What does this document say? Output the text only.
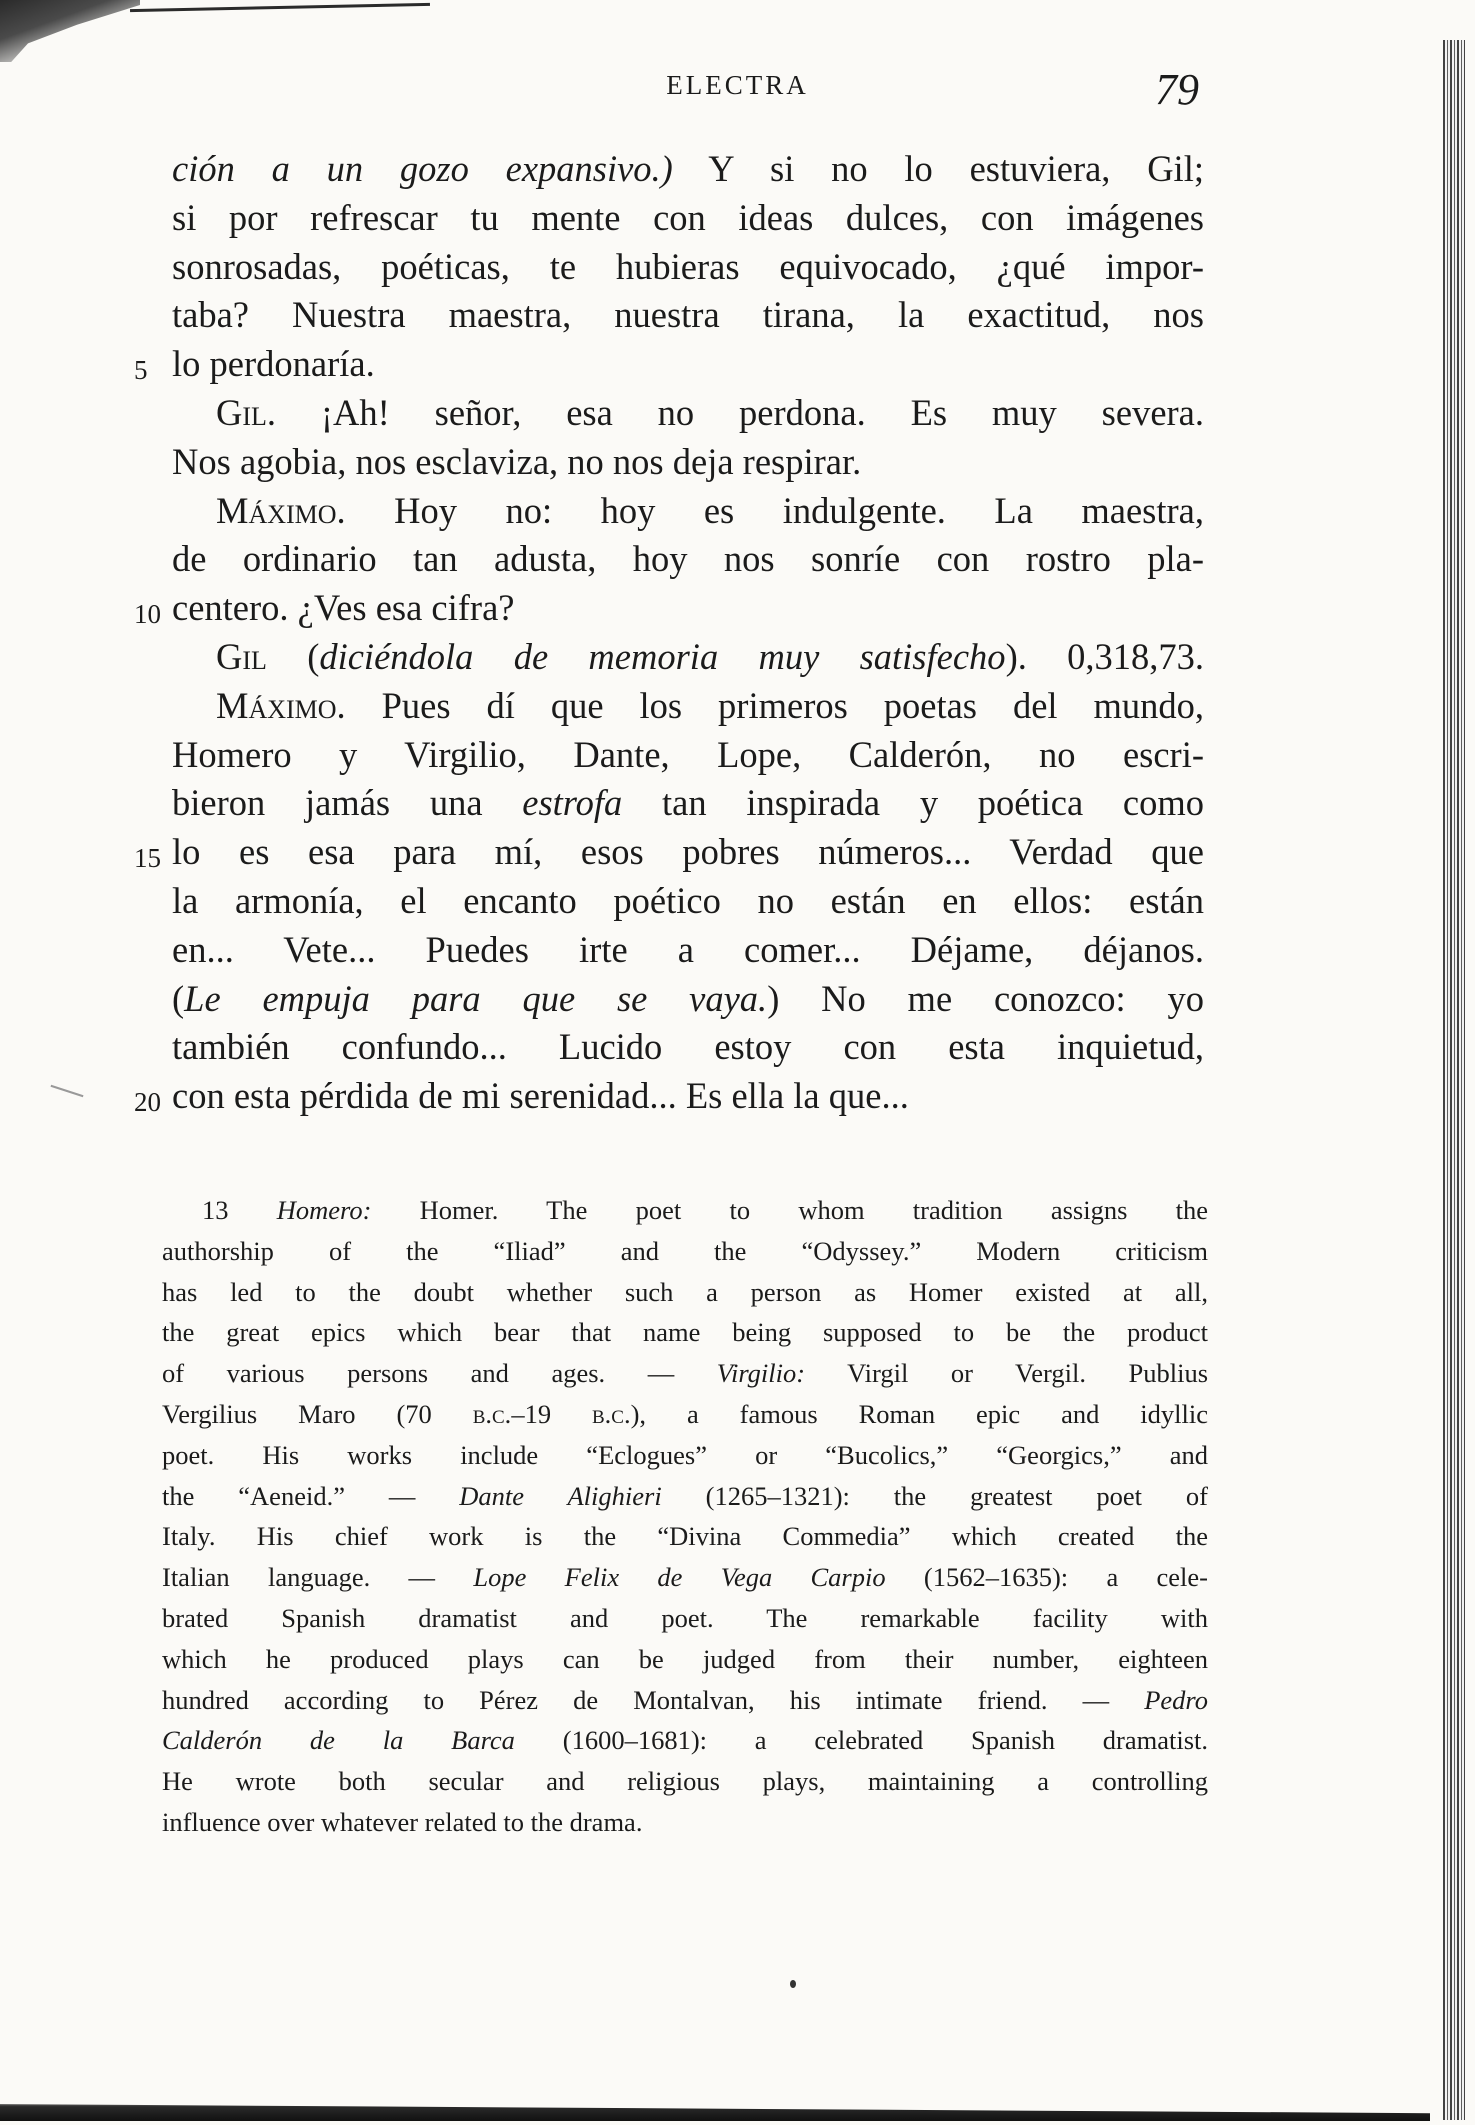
ELECTRA	79
ción a un gozo expansivo.) Y si no lo estuviera, Gil;
si por refrescar tu mente con ideas dulces, con imágenes
sonrosadas, poéticas, te hubieras equivocado, ¿qué impor-
taba? Nuestra maestra, nuestra tirana, la exactitud, nos
5 lo perdonaría.
Gil. ¡Ah! señor, esa no perdona. Es muy severa.
Nos agobia, nos esclaviza, no nos deja respirar.
Máximo. Hoy no: hoy es indulgente. La maestra,
de ordinario tan adusta, hoy nos sonríe con rostro pla-
10 centero. ¿Ves esa cifra?
Gil (diciéndola de memoria muy satisfecho). 0,318,73.
Máximo. Pues dí que los primeros poetas del mundo,
Homero y Virgilio, Dante, Lope, Calderón, no escri-
bieron jamás una estrofa tan inspirada y poética como
15 lo es esa para mí, esos pobres números... Verdad que
la armonía, el encanto poético no están en ellos: están
en... Vete... Puedes irte a comer... Déjame, déjanos.
(Le empuja para que se vaya.) No me conozco: yo
también confundo... Lucido estoy con esta inquietud,
20 con esta pérdida de mi serenidad... Es ella la que...
13 Homero: Homer. The poet to whom tradition assigns the
authorship of the “Iliad” and the “Odyssey.” Modern criticism
has led to the doubt whether such a person as Homer existed at all,
the great epics which bear that name being supposed to be the product
of various persons and ages. — Virgilio: Virgil or Vergil. Publius
Vergilius Maro (70 b.c.–19 b.c.), a famous Roman epic and idyllic
poet. His works include “Eclogues” or “Bucolics,” “Georgics,” and
the “Aeneid.” — Dante Alighieri (1265–1321): the greatest poet of
Italy. His chief work is the “Divina Commedia” which created the
Italian language. — Lope Felix de Vega Carpio (1562–1635): a cele-
brated Spanish dramatist and poet. The remarkable facility with
which he produced plays can be judged from their number, eighteen
hundred according to Pérez de Montalvan, his intimate friend. — Pedro
Calderón de la Barca (1600–1681): a celebrated Spanish dramatist.
He wrote both secular and religious plays, maintaining a controlling
influence over whatever related to the drama.
